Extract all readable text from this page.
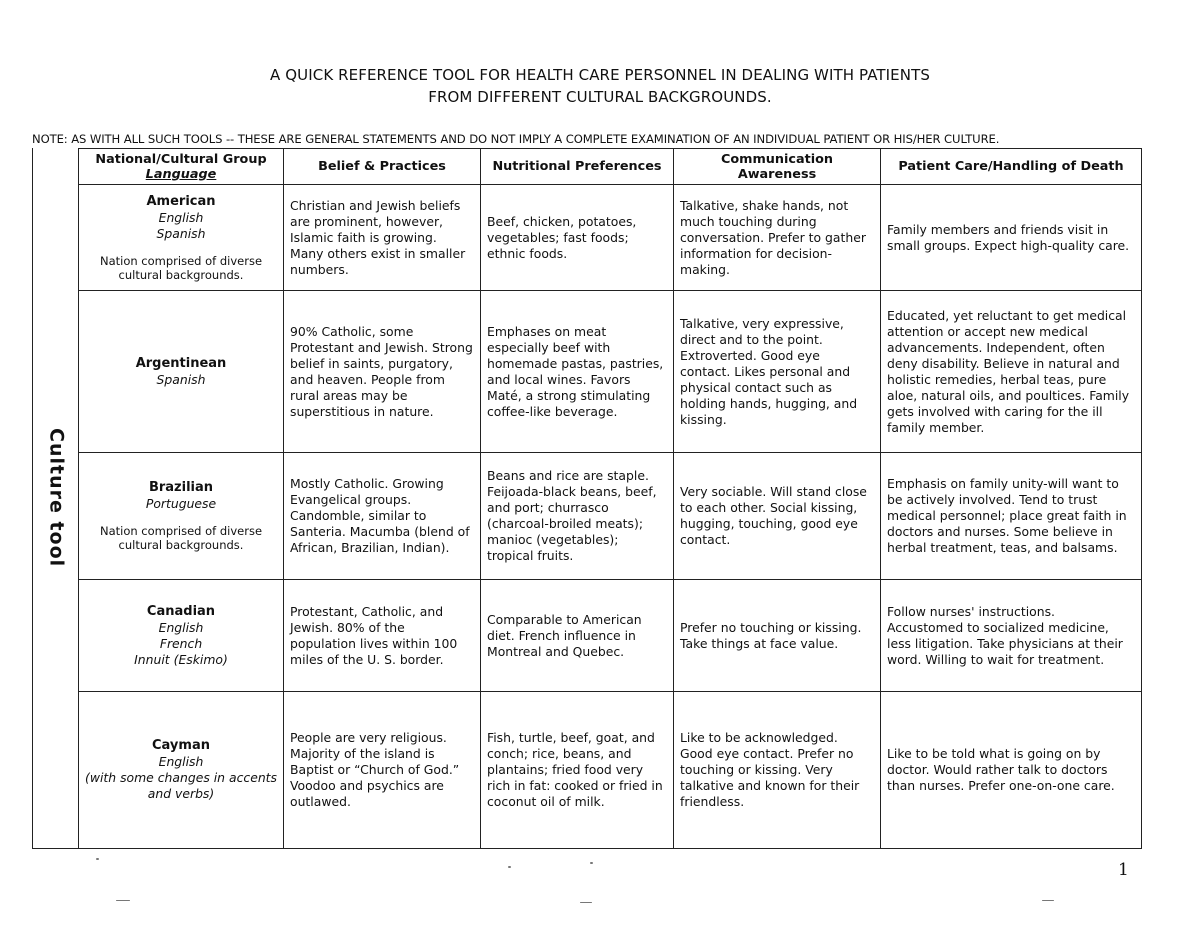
A QUICK REFERENCE TOOL FOR HEALTH CARE PERSONNEL IN DEALING WITH PATIENTS
FROM DIFFERENT CULTURAL BACKGROUNDS.
NOTE: AS WITH ALL SUCH TOOLS -- THESE ARE GENERAL STATEMENTS AND DO NOT IMPLY A COMPLETE EXAMINATION OF AN INDIVIDUAL PATIENT OR HIS/HER CULTURE.
Culture tool
National/Cultural Group
Language	Belief & Practices	Nutritional Preferences	Communication Awareness	Patient Care/Handling of Death

American
English
Spanish
Nation comprised of diverse cultural backgrounds.	Christian and Jewish beliefs are prominent, however, Islamic faith is growing. Many others exist in smaller numbers.	Beef, chicken, potatoes, vegetables; fast foods; ethnic foods.	Talkative, shake hands, not much touching during conversation. Prefer to gather information for decision-making.	Family members and friends visit in small groups. Expect high-quality care.

Argentinean
Spanish	90% Catholic, some Protestant and Jewish. Strong belief in saints, purgatory, and heaven. People from rural areas may be superstitious in nature.	Emphases on meat especially beef with homemade pastas, pastries, and local wines. Favors Maté, a strong stimulating coffee-like beverage.	Talkative, very expressive, direct and to the point. Extroverted. Good eye contact. Likes personal and physical contact such as holding hands, hugging, and kissing.	Educated, yet reluctant to get medical attention or accept new medical advancements. Independent, often deny disability. Believe in natural and holistic remedies, herbal teas, pure aloe, natural oils, and poultices. Family gets involved with caring for the ill family member.

Brazilian
Portuguese
Nation comprised of diverse cultural backgrounds.	Mostly Catholic. Growing Evangelical groups. Candomble, similar to Santeria. Macumba (blend of African, Brazilian, Indian).	Beans and rice are staple. Feijoada-black beans, beef, and port; churrasco (charcoal-broiled meats); manioc (vegetables); tropical fruits.	Very sociable. Will stand close to each other. Social kissing, hugging, touching, good eye contact.	Emphasis on family unity-will want to be actively involved. Tend to trust medical personnel; place great faith in doctors and nurses. Some believe in herbal treatment, teas, and balsams.

Canadian
English
French
Innuit (Eskimo)	Protestant, Catholic, and Jewish. 80% of the population lives within 100 miles of the U. S. border.	Comparable to American diet. French influence in Montreal and Quebec.	Prefer no touching or kissing. Take things at face value.	Follow nurses' instructions. Accustomed to socialized medicine, less litigation. Take physicians at their word. Willing to wait for treatment.

Cayman
English
(with some changes in accents and verbs)	People are very religious. Majority of the island is Baptist or “Church of God.” Voodoo and psychics are outlawed.	Fish, turtle, beef, goat, and conch; rice, beans, and plantains; fried food very rich in fat: cooked or fried in coconut oil of milk.	Like to be acknowledged. Good eye contact. Prefer no touching or kissing. Very talkative and known for their friendless.	Like to be told what is going on by doctor. Would rather talk to doctors than nurses. Prefer one-on-one care.
1
